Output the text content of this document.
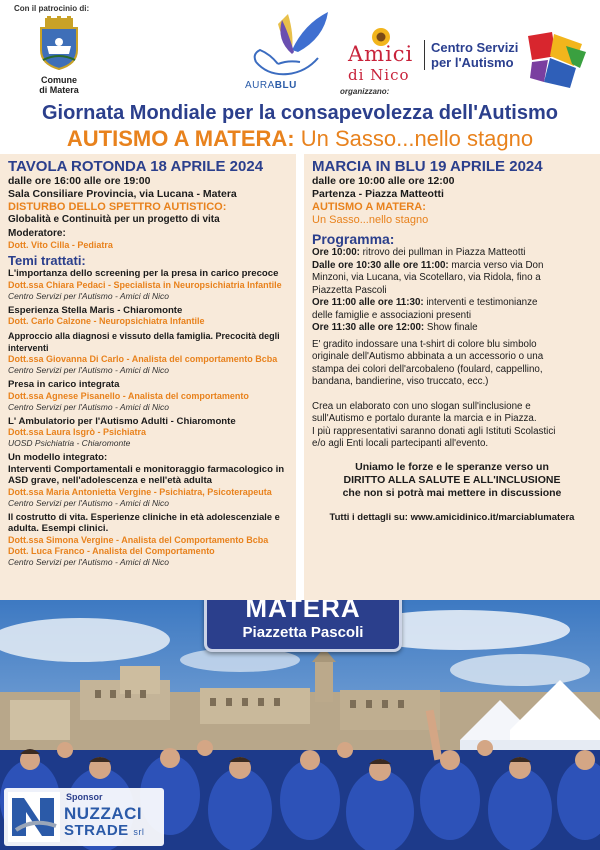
Con il patrocinio di:
Comune
di Matera	AURABLU
organizzano:
Amici
di Nico
Centro Servizi
per l'Autismo
Giornata Mondiale per la consapevolezza dell'Autismo
AUTISMO A MATERA: Un Sasso...nello stagno
TAVOLA ROTONDA 18 APRILE 2024
dalle ore 16:00 alle ore 19:00
Sala Consiliare Provincia, via Lucana - Matera
DISTURBO DELLO SPETTRO AUTISTICO:
Globalità e Continuità per un progetto di vita
Moderatore:
Dott. Vito Cilla - Pediatra
Temi trattati:
L'importanza dello screening per la presa in carico precoce
Dott.ssa Chiara Pedaci - Specialista in Neuropsichiatria Infantile
Centro Servizi per l'Autismo - Amici di Nico
Esperienza Stella Maris - Chiaromonte
Dott. Carlo Calzone - Neuropsichiatra Infantile
Approccio alla diagnosi e vissuto della famiglia. Precocità degli interventi
Dott.ssa Giovanna Di Carlo - Analista del comportamento Bcba
Centro Servizi per l'Autismo - Amici di Nico
Presa in carico integrata
Dott.ssa Agnese Pisanello - Analista del comportamento
Centro Servizi per l'Autismo - Amici di Nico
L' Ambulatorio per l'Autismo Adulti - Chiaromonte
Dott.ssa Laura Isgrò - Psichiatra
UOSD Psichiatria - Chiaromonte
Un modello integrato:
Interventi Comportamentali e monitoraggio farmacologico in
ASD grave, nell'adolescenza e nell'età adulta
Dott.ssa Maria Antonietta Vergine - Psichiatra, Psicoterapeuta
Centro Servizi per l'Autismo - Amici di Nico
Il costrutto di vita. Esperienze cliniche in età adolescenziale e
adulta. Esempi clinici.
Dott.ssa Simona Vergine - Analista del Comportamento Bcba
Dott. Luca Franco - Analista del Comportamento
Centro Servizi per l'Autismo - Amici di Nico
MARCIA IN BLU 19 APRILE 2024
dalle ore 10:00 alle ore 12:00
Partenza - Piazza Matteotti
AUTISMO A MATERA:
Un Sasso...nello stagno
Programma:
Ore 10:00: ritrovo dei pullman in Piazza Matteotti
Dalle ore 10:30 alle ore 11:00: marcia verso via Don
Minzoni, via Lucana, via Scotellaro, via Ridola, fino a
Piazzetta Pascoli
Ore 11:00 alle ore 11:30: interventi e testimonianze
delle famiglie e associazioni presenti
Ore 11:30 alle ore 12:00: Show finale
E' gradito indossare una t-shirt di colore blu simbolo
originale dell'Autismo abbinata a un accessorio o una
stampa dei colori dell'arcobaleno (foulard, cappellino,
bandana, bandierine, viso truccato, ecc.)
Crea un elaborato con uno slogan sull'inclusione e
sull'Autismo e portalo durante la marcia e in Piazza.
I più rappresentativi saranno donati agli Istituti Scolastici
e/o agli Enti locali partecipanti all'evento.
Uniamo le forze e le speranze verso un
DIRITTO ALLA SALUTE E ALL'INCLUSIONE
che non si potrà mai mettere in discussione
Tutti i dettagli su: www.amicidinico.it/marciablumatera
MATERA
Piazzetta Pascoli
Sponsor
NUZZACI
STRADE srl
